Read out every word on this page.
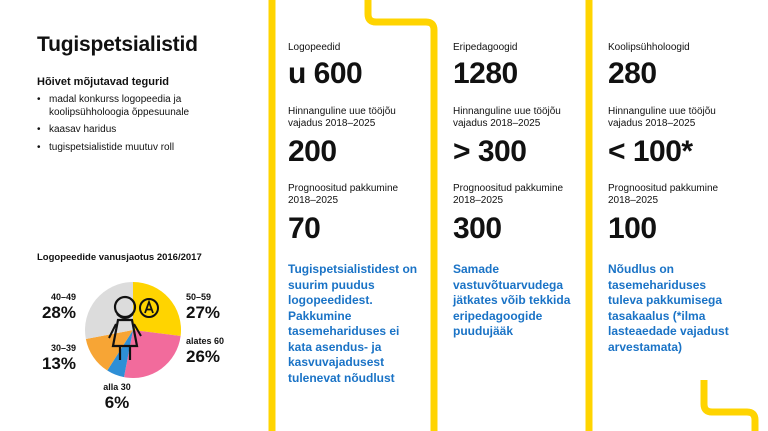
Tugispetsialistid
Hõivet mõjutavad tegurid
• madal konkurss logopeedia ja koolipsühholoogia õppesuunale
• kaasav haridus
• tugispetsialistide muutuv roll
Logopeedide vanusjaotus 2016/2017
40–49
28%
50–59
27%
30–39
13%
alates 60
26%
alla 30
6%
Logopeedid
u 600
Hinnanguline uue tööjõu vajadus 2018–2025
200
Prognoositud pakkumine 2018–2025
70
Tugispetsialistidest on suurim puudus logopeedidest. Pakkumine tasemehariduses ei kata asendus- ja kasvuvajadusest tulenevat nõudlust
Eripedagoogid
1280
Hinnanguline uue tööjõu vajadus 2018–2025
> 300
Prognoositud pakkumine 2018–2025
300
Samade vastuvõtuarvudega jätkates võib tekkida eripedagoogide puudujääk
Koolipsühholoogid
280
Hinnanguline uue tööjõu vajadus 2018–2025
< 100*
Prognoositud pakkumine 2018–2025
100
Nõudlus on tasemehariduses tuleva pakkumisega tasakaalus (*ilma lasteaedade vajadust arvestamata)
